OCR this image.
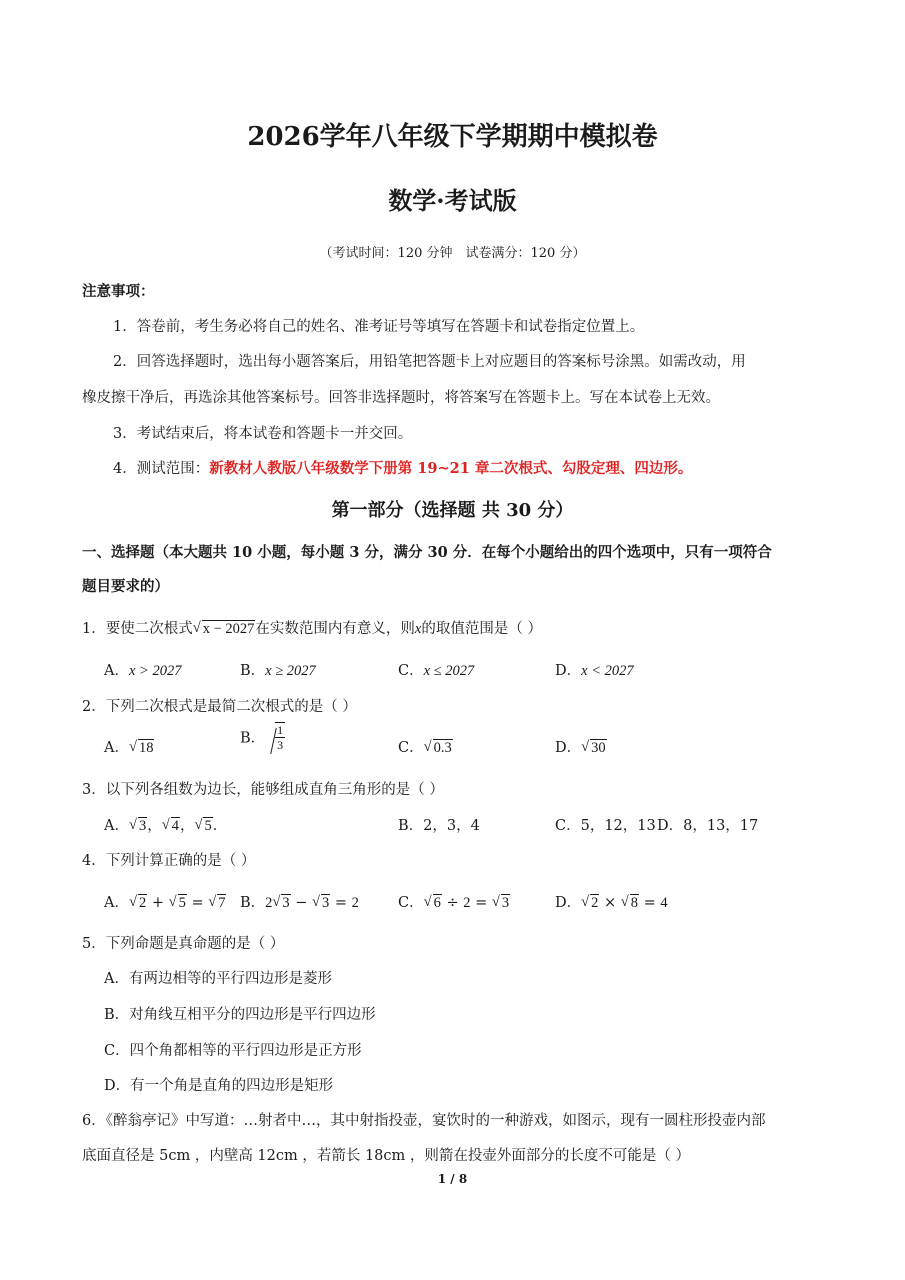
2026学年八年级下学期期中模拟卷
数学·考试版
（考试时间：120 分钟　试卷满分：120 分）
注意事项：
1．答卷前，考生务必将自己的姓名、准考证号等填写在答题卡和试卷指定位置上。
2．回答选择题时，选出每小题答案后，用铅笔把答题卡上对应题目的答案标号涂黑。如需改动，用
橡皮擦干净后，再选涂其他答案标号。回答非选择题时，将答案写在答题卡上。写在本试卷上无效。
3．考试结束后，将本试卷和答题卡一并交回。
4．测试范围：新教材人教版八年级数学下册第 19~21 章二次根式、勾股定理、四边形。
第一部分（选择题 共 30 分）
一、选择题（本大题共 10 小题，每小题 3 分，满分 30 分．在每个小题给出的四个选项中，只有一项符合
题目要求的）
1．要使二次根式 √ x − 2027在实数范围内有意义，则x的取值范围是（ ）
A．x > 2027	B．x ≥ 2027	C．x ≤ 2027	D．x < 2027
2．下列二次根式是最简二次根式的是（ ）
A． √ 18
B． $\frac{1}{3}$	C． √ 0.3	D． √ 30
3．以下列各组数为边长，能够组成直角三角形的是（ ）
A． √ 3， √ 4， √ 5．	B．2，3，4	C．5，12，13 D．8，13，17
4．下列计算正确的是（ ）
A． √ 2 + √ 5 = √ 7 B．2 √ 3 − √ 3 = 2	C． √ 6 ÷ 2 = √ 3	D． √ 2 × √ 8 = 4
5．下列命题是真命题的是（ ）
A．有两边相等的平行四边形是菱形
B．对角线互相平分的四边形是平行四边形
C．四个角都相等的平行四边形是正方形
D．有一个角是直角的四边形是矩形
6．《醉翁亭记》中写道：…射者中…，其中射指投壶，宴饮时的一种游戏，如图示，现有一圆柱形投壶内部
底面直径是 5cm ，内壁高 12cm ，若箭长 18cm ，则箭在投壶外面部分的长度不可能是（ ）
1 / 8
